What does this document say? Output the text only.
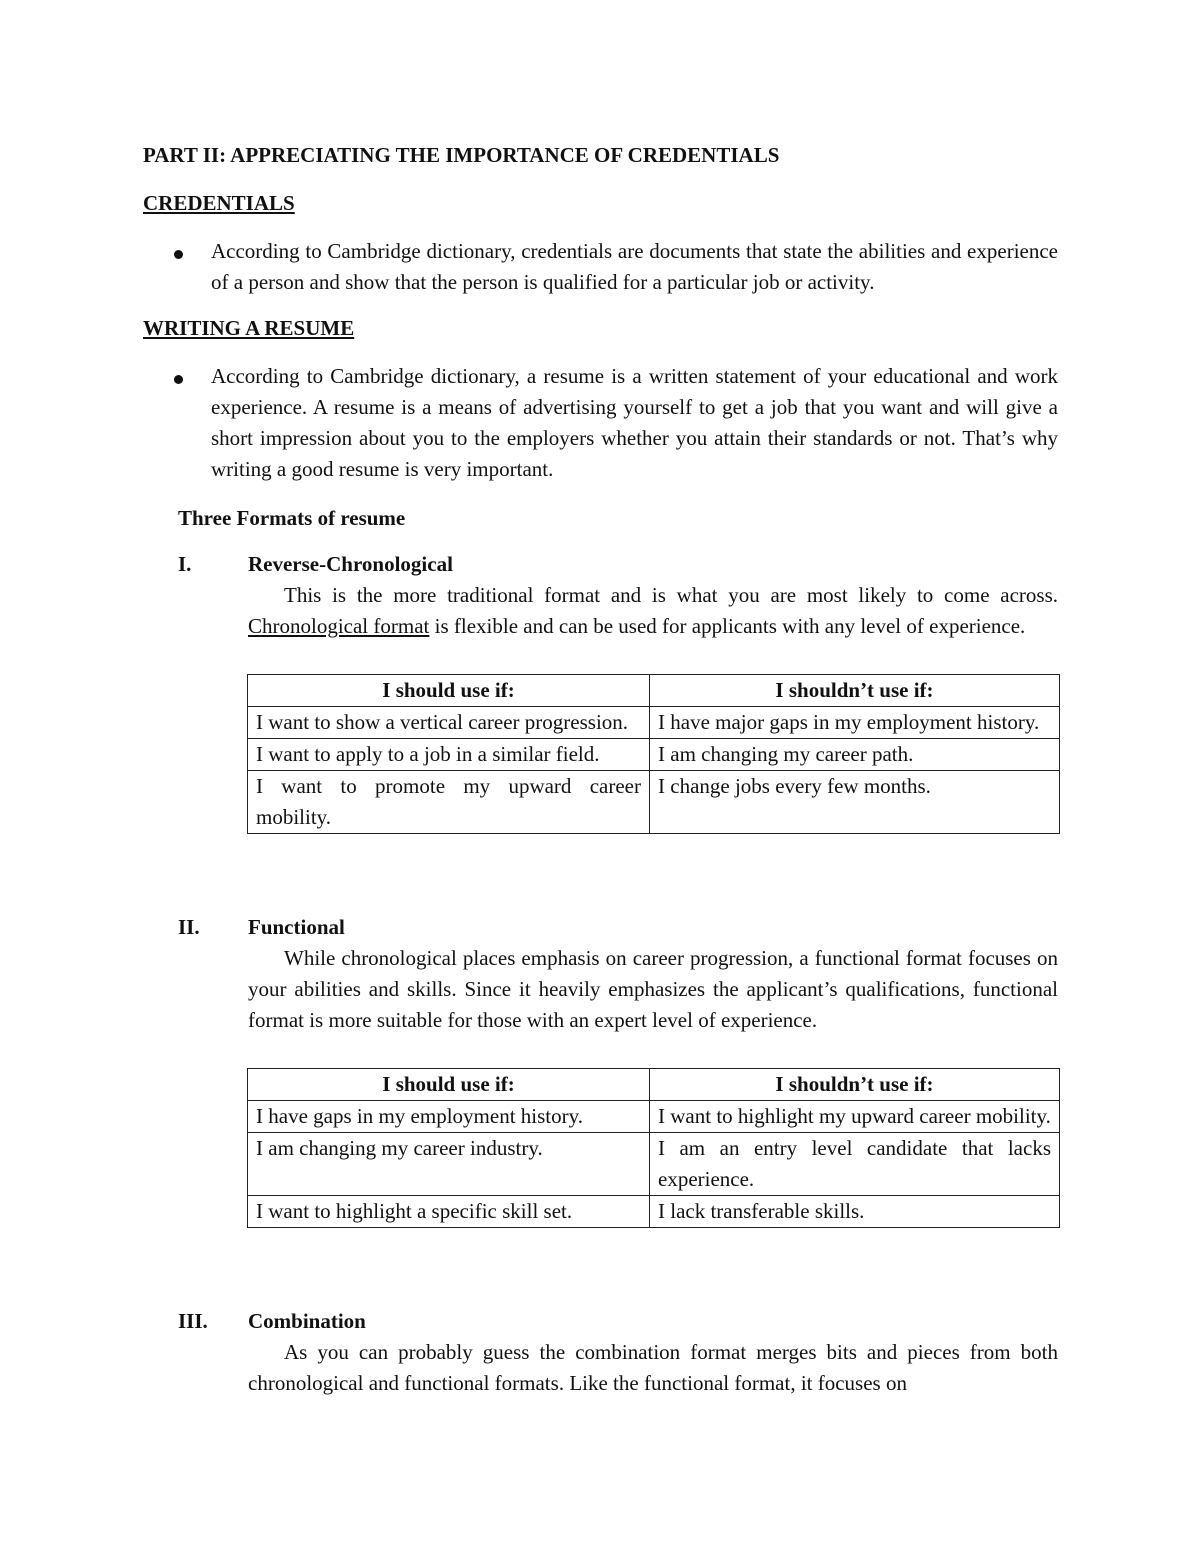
PART II: APPRECIATING THE IMPORTANCE OF CREDENTIALS
CREDENTIALS
According to Cambridge dictionary, credentials are documents that state the abilities and experience of a person and show that the person is qualified for a particular job or activity.
WRITING A RESUME
According to Cambridge dictionary, a resume is a written statement of your educational and work experience. A resume is a means of advertising yourself to get a job that you want and will give a short impression about you to the employers whether you attain their standards or not. That’s why writing a good resume is very important.
Three Formats of resume
I.	Reverse-Chronological
This is the more traditional format and is what you are most likely to come across. Chronological format is flexible and can be used for applicants with any level of experience.
I should use if:	I shouldn’t use if:
I want to show a vertical career progression.	I have major gaps in my employment history.
I want to apply to a job in a similar field.	I am changing my career path.
I want to promote my upward career mobility.	I change jobs every few months.
II. Functional
While chronological places emphasis on career progression, a functional format focuses on your abilities and skills. Since it heavily emphasizes the applicant’s qualifications, functional format is more suitable for those with an expert level of experience.
I should use if:	I shouldn’t use if:
I have gaps in my employment history.	I want to highlight my upward career mobility.
I am changing my career industry.	I am an entry level candidate that lacks experience.
I want to highlight a specific skill set.	I lack transferable skills.
III. Combination
As you can probably guess the combination format merges bits and pieces from both chronological and functional formats. Like the functional format, it focuses on
